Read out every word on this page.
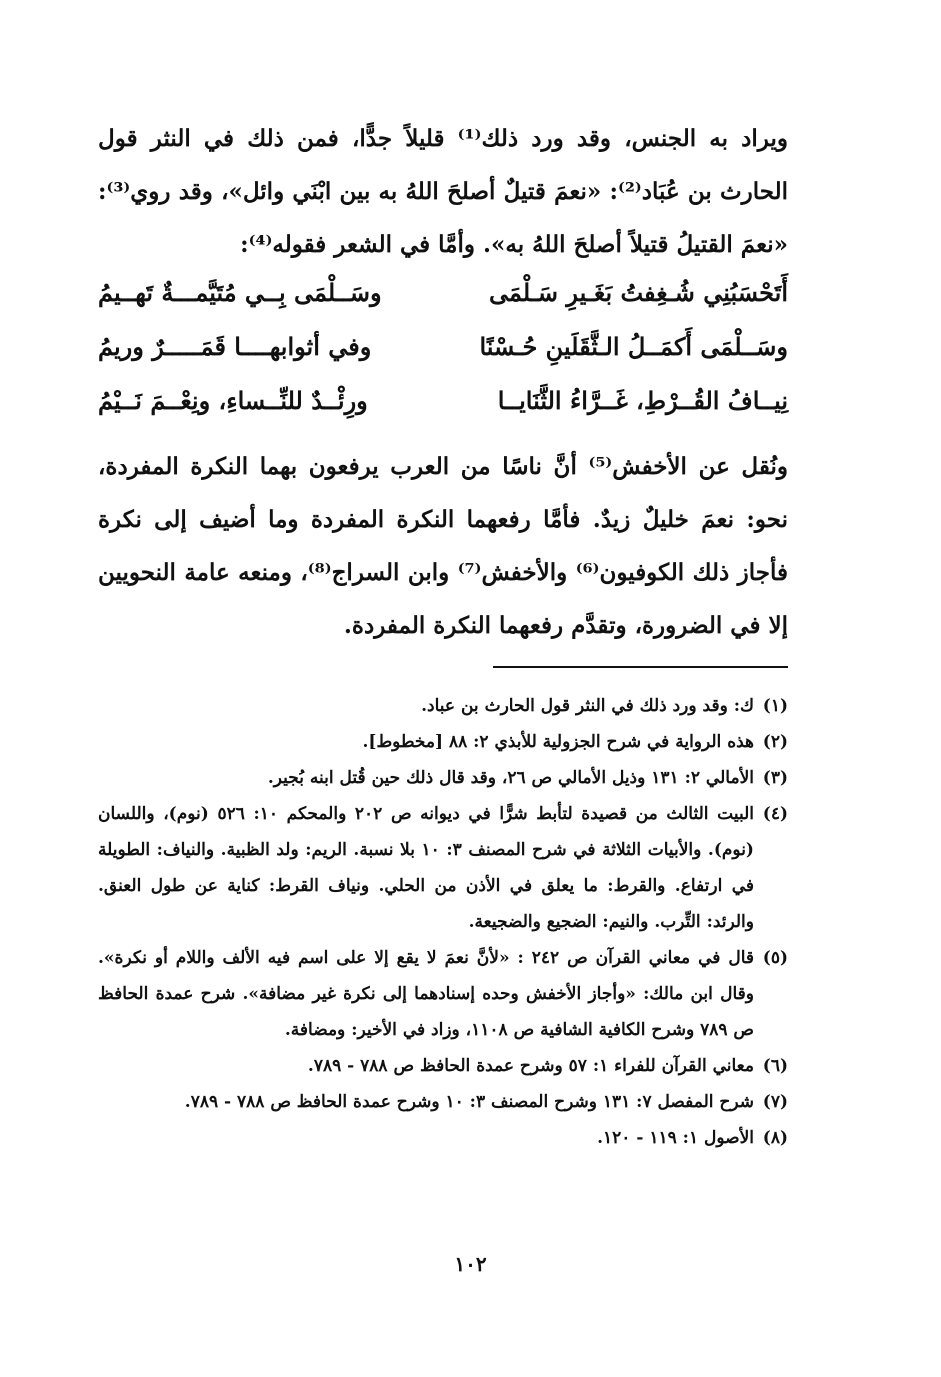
ويراد به الجنس، وقد ورد ذلك⁽¹⁾ قليلاً جدًّا، فمن ذلك في النثر قول الحارث بن عُبَاد⁽²⁾: «نعمَ قتيلٌ أصلحَ اللهُ به بين ابْنَي وائل»، وقد روي⁽³⁾: «نعمَ القتيلُ قتيلاً أصلحَ اللهُ به». وأمَّا في الشعر فقوله⁽⁴⁾:

أَتَحْسَبُنِي شُـغِفتُ بَغَـيرِ سَـلْمَى
وسَــلْمَى بِــي مُتَيَّمـــةٌ تَهــيمُ
وسَــلْمَى أَكمَــلُ الـثَّقَلَينِ حُـسْنًا
وفي أثوابهــــا قَمَـــــرٌ وريمُ
نِيــافُ القُــرْطِ، غَــرَّاءُ الثَّنَايــا
ورِئْــدٌ للنِّــساءِ، ونِعْــمَ نَــيْمُ

ونُقل عن الأخفش⁽⁵⁾ أنَّ ناسًا من العرب يرفعون بهما النكرة المفردة، نحو: نعمَ خليلٌ زيدٌ. فأمَّا رفعهما النكرة المفردة وما أضيف إلى نكرة فأجاز ذلك الكوفيون⁽⁶⁾ والأخفش⁽⁷⁾ وابن السراج⁽⁸⁾، ومنعه عامة النحويين إلا في الضرورة، وتقدَّم رفعهما النكرة المفردة.

(١)
ك: وقد ورد ذلك في النثر قول الحارث بن عباد.
(٢)
هذه الرواية في شرح الجزولية للأبذي ٢: ٨٨ [مخطوط].
(٣)
الأمالي ٢: ١٣١ وذيل الأمالي ص ٢٦، وقد قال ذلك حين قُتل ابنه بُجير.
(٤)
البيت الثالث من قصيدة لتأبط شرًّا في ديوانه ص ٢٠٢ والمحكم ١٠: ٥٢٦ (نوم)، واللسان (نوم). والأبيات الثلاثة في شرح المصنف ٣: ١٠ بلا نسبة. الريم: ولد الظبية. والنياف: الطويلة في ارتفاع. والقرط: ما يعلق في الأذن من الحلي. ونياف القرط: كناية عن طول العنق. والرئد: التِّرب. والنيم: الضجيع والضجيعة.
(٥)
قال في معاني القرآن ص ٢٤٢ : «لأنَّ نعمَ لا يقع إلا على اسم فيه الألف واللام أو نكرة». وقال ابن مالك: «وأجاز الأخفش وحده إسنادهما إلى نكرة غير مضافة». شرح عمدة الحافظ ص ٧٨٩ وشرح الكافية الشافية ص ١١٠٨، وزاد في الأخير: ومضافة.
(٦)
معاني القرآن للفراء ١: ٥٧ وشرح عمدة الحافظ ص ٧٨٨ - ٧٨٩.
(٧)
شرح المفصل ٧: ١٣١ وشرح المصنف ٣: ١٠ وشرح عمدة الحافظ ص ٧٨٨ - ٧٨٩.
(٨)
الأصول ١: ١١٩ - ١٢٠.
١٠٢
